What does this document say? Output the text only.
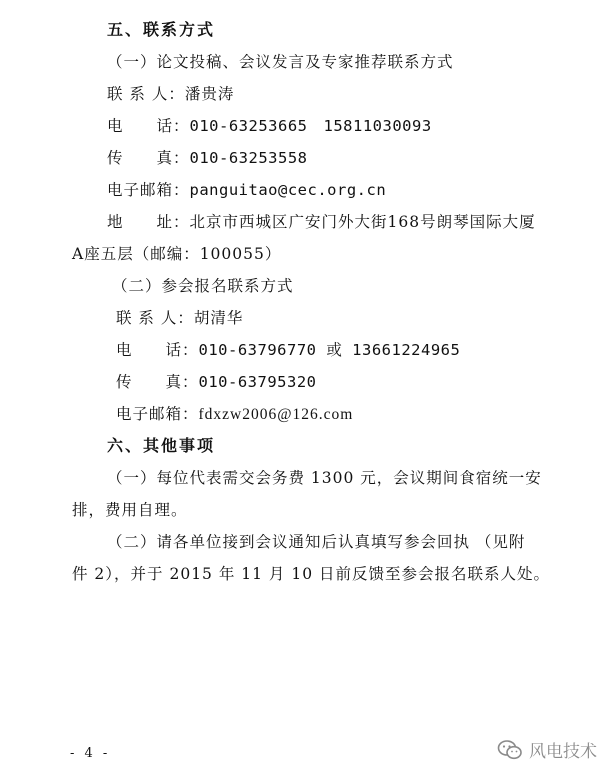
五、联系方式
（一）论文投稿、会议发言及专家推荐联系方式
联 系 人：潘贵涛
电　　话：010-63253665　15811030093
传　　真：010-63253558
电子邮箱：panguitao@cec.org.cn
地　　址：北京市西城区广安门外大街168号朗琴国际大厦
A座五层（邮编：100055）
（二）参会报名联系方式
联 系 人：胡清华
电　　话：010-63796770 或 13661224965
传　　真：010-63795320
电子邮箱：fdxzw2006@126.com
六、其他事项
（一）每位代表需交会务费 1300 元，会议期间食宿统一安
排，费用自理。
（二）请各单位接到会议通知后认真填写参会回执 （见附
件 2），并于 2015 年 11 月 10 日前反馈至参会报名联系人处。
- 4 -	风电技术
